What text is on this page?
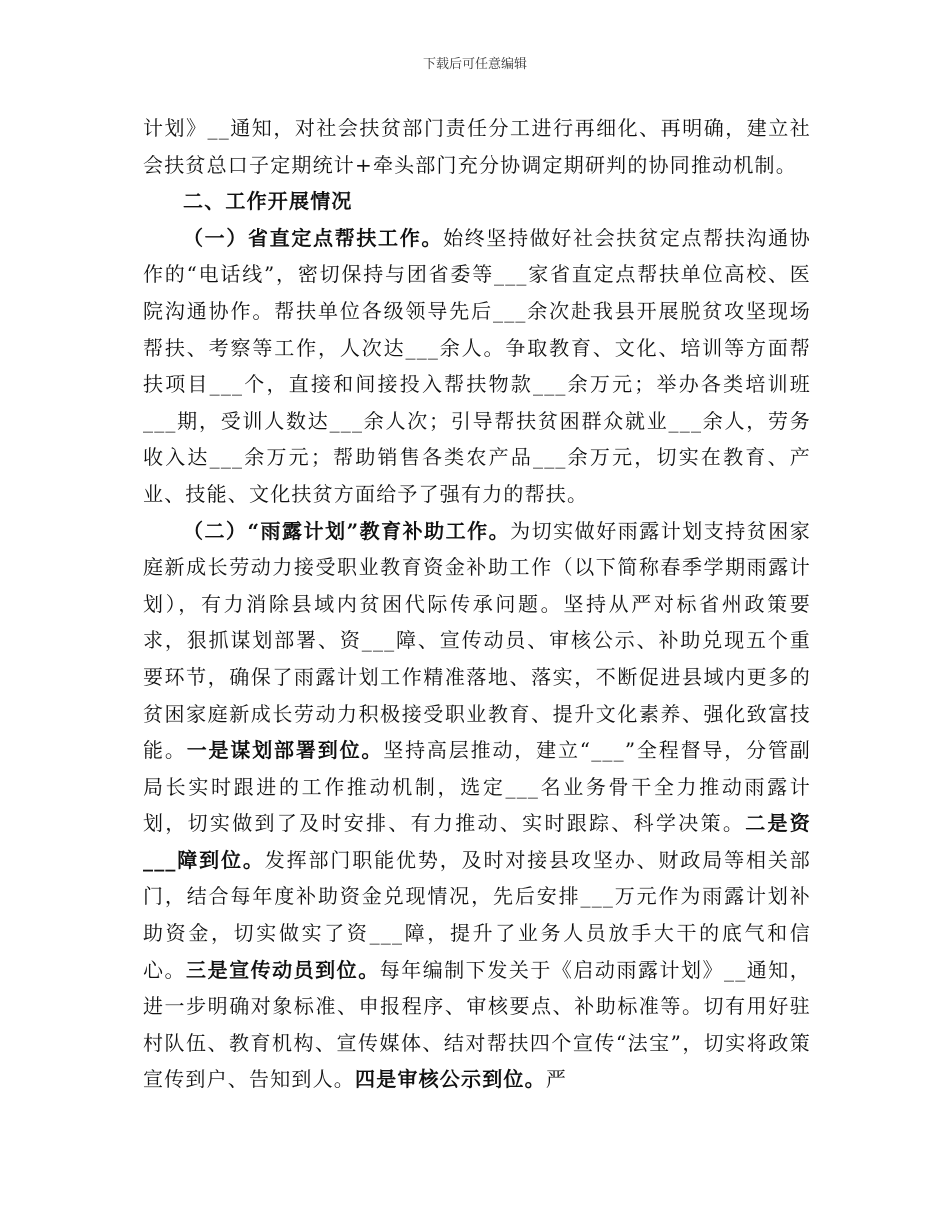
下载后可任意编辑

计划》__通知，对社会扶贫部门责任分工进行再细化、再明确，建立社会扶贫总口子定期统计+牵头部门充分协调定期研判的协同推动机制。

二、工作开展情况

（一）省直定点帮扶工作。始终坚持做好社会扶贫定点帮扶沟通协作的“电话线”，密切保持与团省委等___家省直定点帮扶单位高校、医院沟通协作。帮扶单位各级领导先后___余次赴我县开展脱贫攻坚现场帮扶、考察等工作，人次达___余人。争取教育、文化、培训等方面帮扶项目___个，直接和间接投入帮扶物款___余万元；举办各类培训班___期，受训人数达___余人次；引导帮扶贫困群众就业___余人，劳务收入达___余万元；帮助销售各类农产品___余万元，切实在教育、产业、技能、文化扶贫方面给予了强有力的帮扶。

（二）“雨露计划”教育补助工作。为切实做好雨露计划支持贫困家庭新成长劳动力接受职业教育资金补助工作（以下简称春季学期雨露计划），有力消除县域内贫困代际传承问题。坚持从严对标省州政策要求，狠抓谋划部署、资___障、宣传动员、审核公示、补助兑现五个重要环节，确保了雨露计划工作精准落地、落实，不断促进县域内更多的贫困家庭新成长劳动力积极接受职业教育、提升文化素养、强化致富技能。一是谋划部署到位。坚持高层推动，建立“___”全程督导，分管副局长实时跟进的工作推动机制，选定___名业务骨干全力推动雨露计划，切实做到了及时安排、有力推动、实时跟踪、科学决策。二是资___障到位。发挥部门职能优势，及时对接县攻坚办、财政局等相关部门，结合每年度补助资金兑现情况，先后安排___万元作为雨露计划补助资金，切实做实了资___障，提升了业务人员放手大干的底气和信心。三是宣传动员到位。每年编制下发关于《启动雨露计划》__通知，进一步明确对象标准、申报程序、审核要点、补助标准等。切有用好驻村队伍、教育机构、宣传媒体、结对帮扶四个宣传“法宝”，切实将政策宣传到户、告知到人。四是审核公示到位。严
